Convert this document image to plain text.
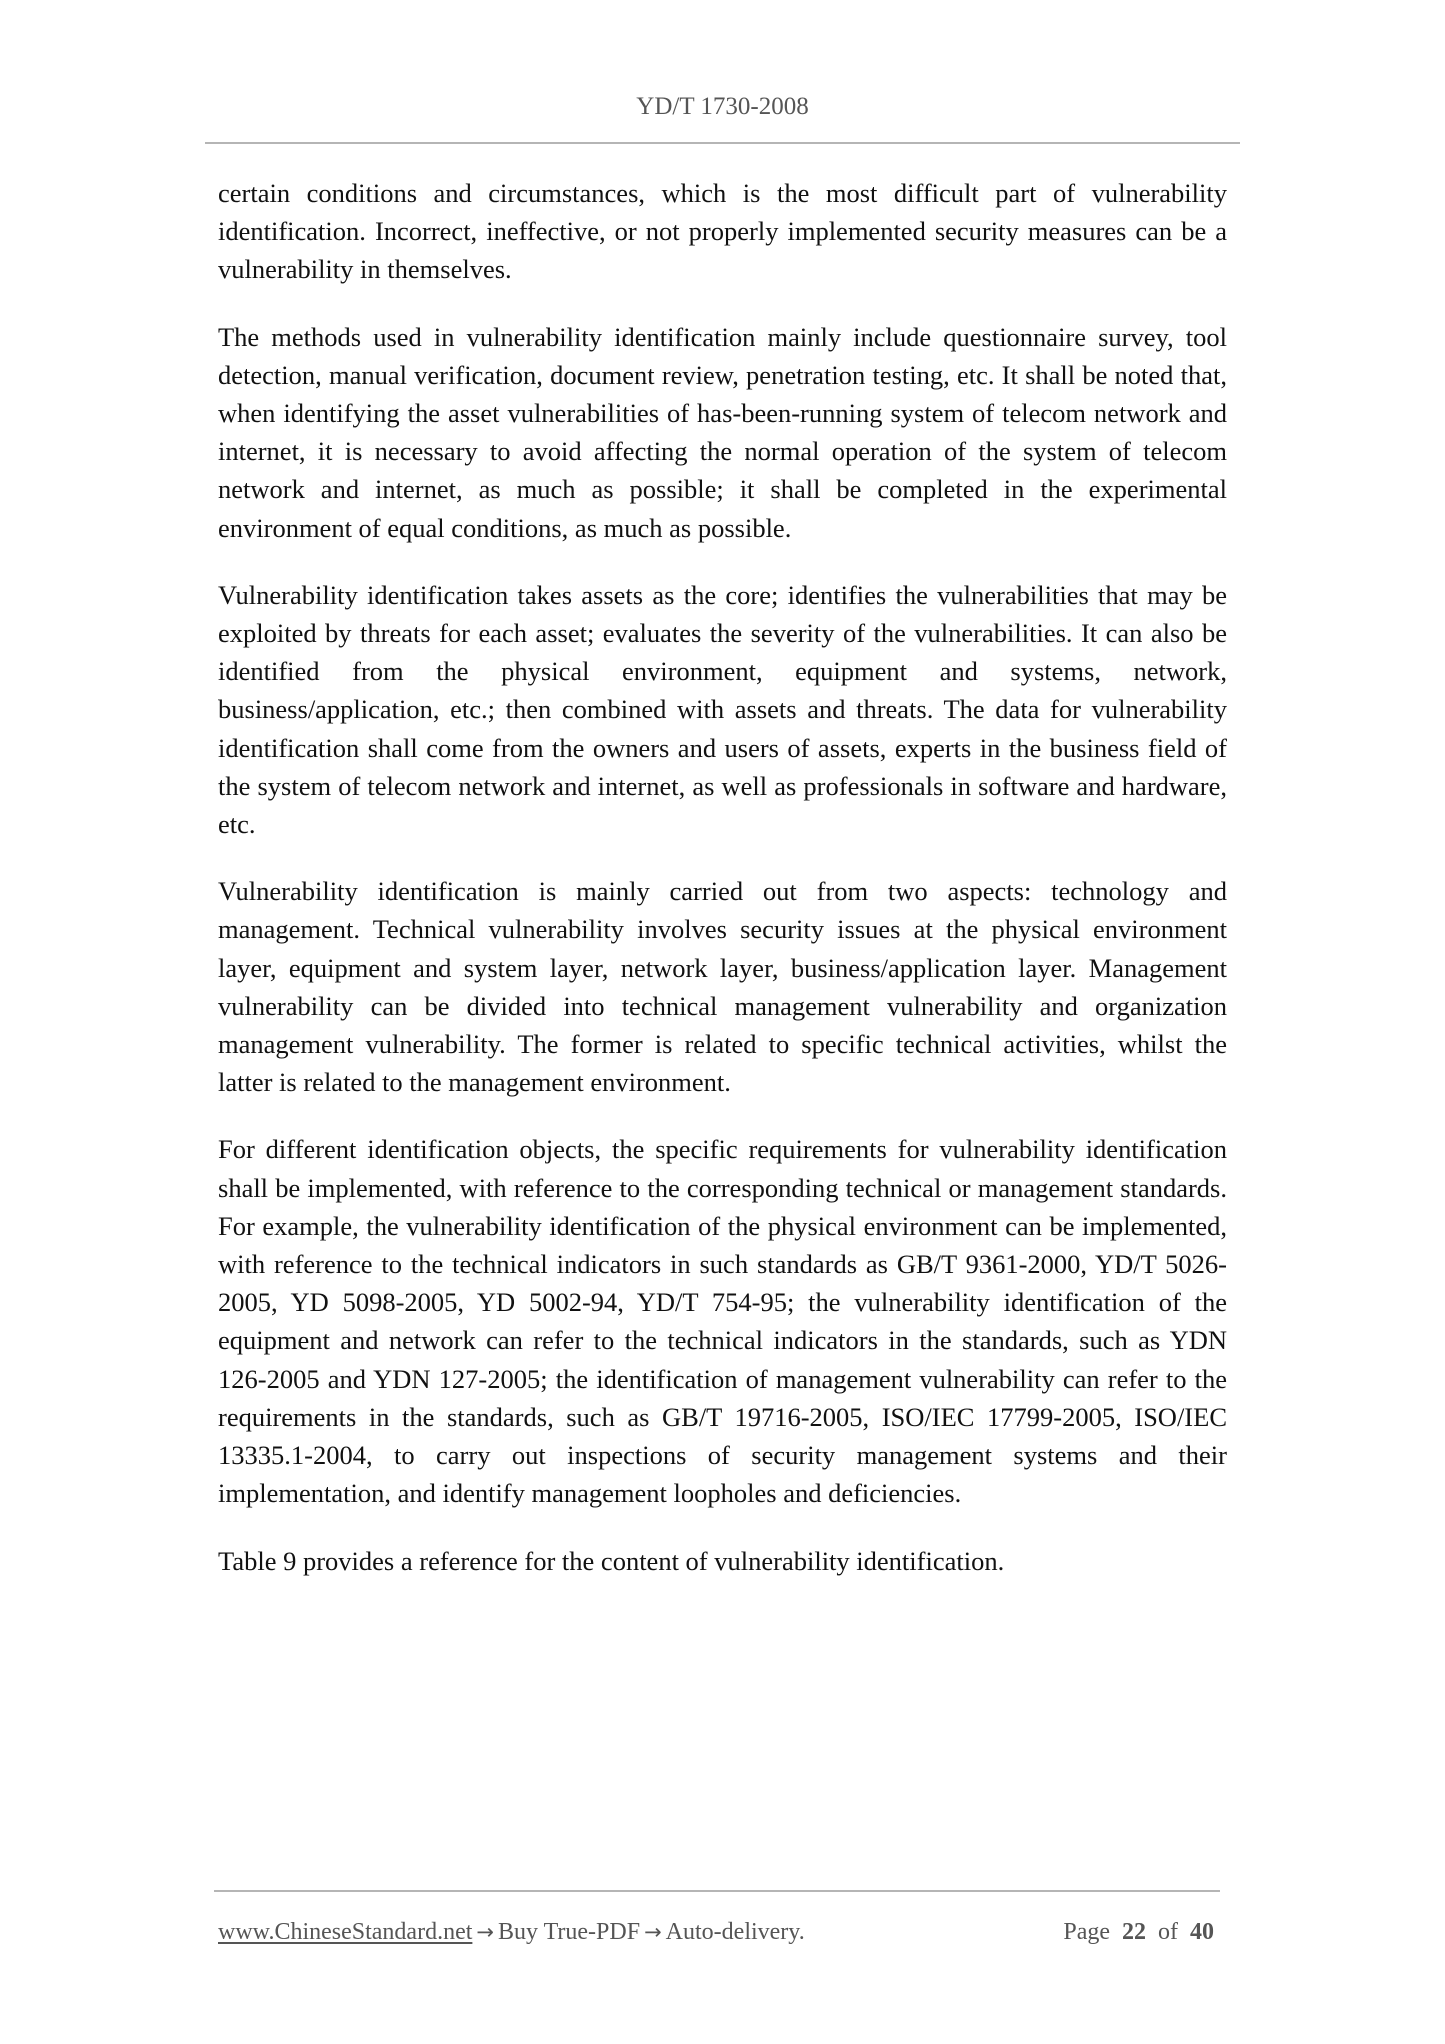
YD/T 1730-2008

certain conditions and circumstances, which is the most difficult part of vulnerability identification. Incorrect, ineffective, or not properly implemented security measures can be a vulnerability in themselves.

The methods used in vulnerability identification mainly include questionnaire survey, tool detection, manual verification, document review, penetration testing, etc. It shall be noted that, when identifying the asset vulnerabilities of has-been-running system of telecom network and internet, it is necessary to avoid affecting the normal operation of the system of telecom network and internet, as much as possible; it shall be completed in the experimental environment of equal conditions, as much as possible.

Vulnerability identification takes assets as the core; identifies the vulnerabilities that may be exploited by threats for each asset; evaluates the severity of the vulnerabilities. It can also be identified from the physical environment, equipment and systems, network, business/application, etc.; then combined with assets and threats. The data for vulnerability identification shall come from the owners and users of assets, experts in the business field of the system of telecom network and internet, as well as professionals in software and hardware, etc.

Vulnerability identification is mainly carried out from two aspects: technology and management. Technical vulnerability involves security issues at the physical environment layer, equipment and system layer, network layer, business/application layer. Management vulnerability can be divided into technical management vulnerability and organization management vulnerability. The former is related to specific technical activities, whilst the latter is related to the management environment.

For different identification objects, the specific requirements for vulnerability identification shall be implemented, with reference to the corresponding technical or management standards. For example, the vulnerability identification of the physical environment can be implemented, with reference to the technical indicators in such standards as GB/T 9361-2000, YD/T 5026-2005, YD 5098-2005, YD 5002-94, YD/T 754-95; the vulnerability identification of the equipment and network can refer to the technical indicators in the standards, such as YDN 126-2005 and YDN 127-2005; the identification of management vulnerability can refer to the requirements in the standards, such as GB/T 19716-2005, ISO/IEC 17799-2005, ISO/IEC 13335.1-2004, to carry out inspections of security management systems and their implementation, and identify management loopholes and deficiencies.

Table 9 provides a reference for the content of vulnerability identification.

www.ChineseStandard.net → Buy True-PDF → Auto-delivery.	Page 22 of 40
